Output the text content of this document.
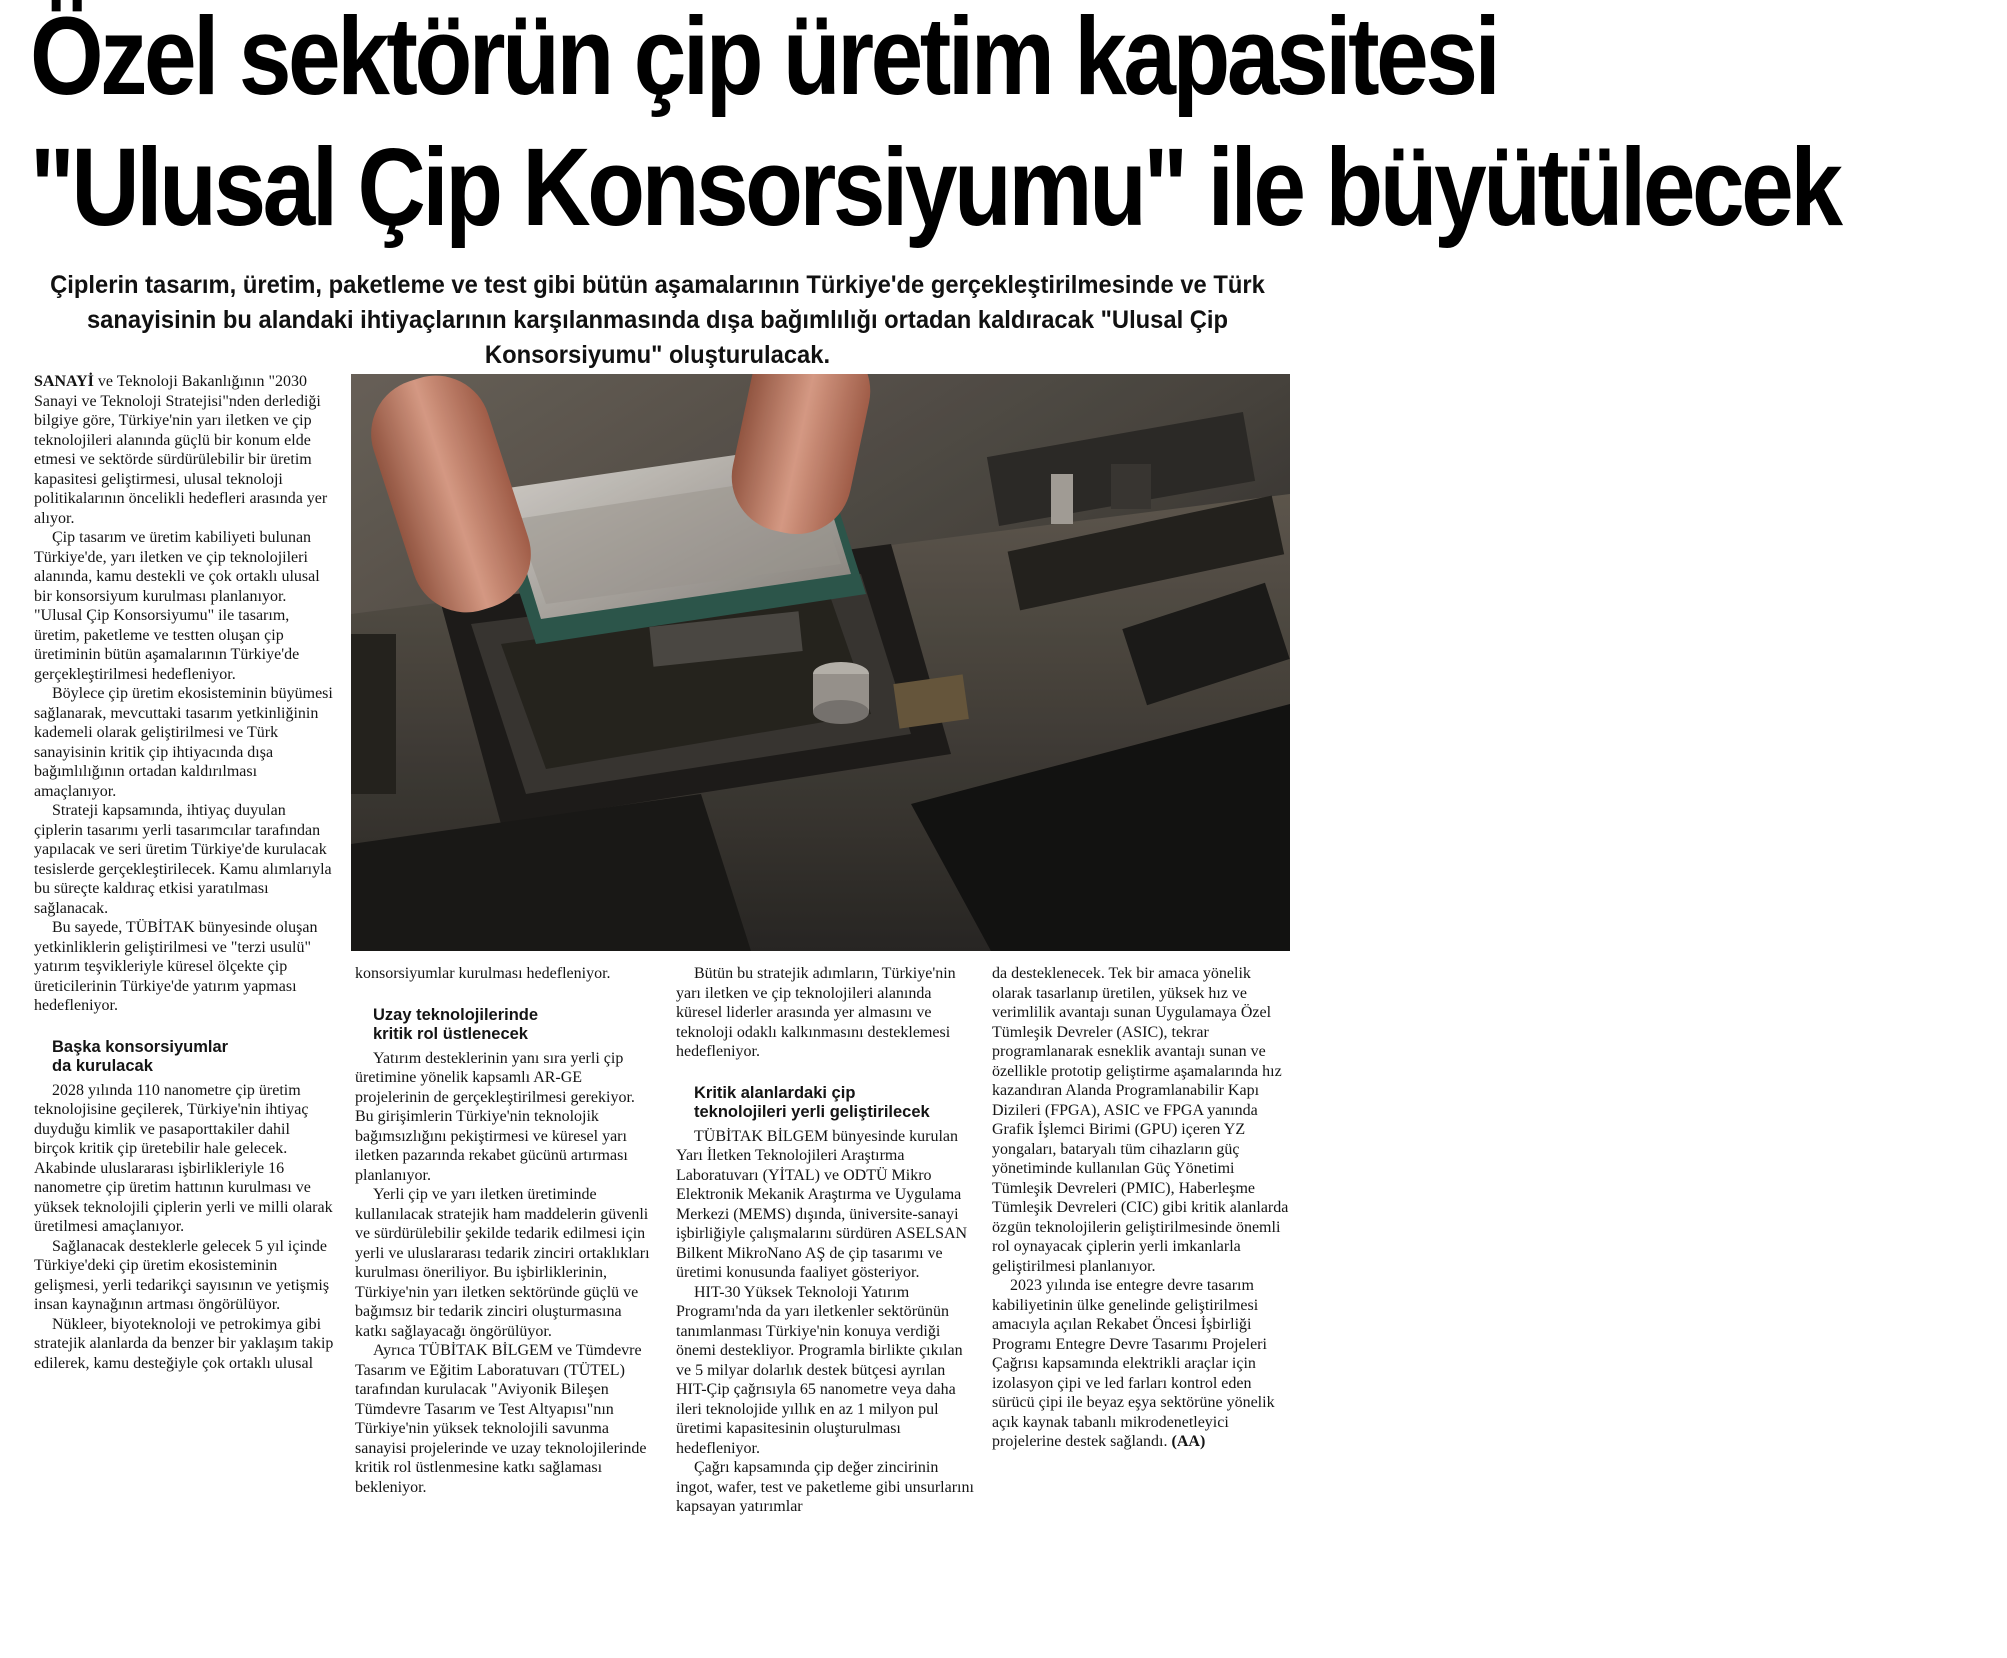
Özel sektörün çip üretim kapasitesi
"Ulusal Çip Konsorsiyumu" ile büyütülecek
Çiplerin tasarım, üretim, paketleme ve test gibi bütün aşamalarının Türkiye'de gerçekleştirilmesinde ve Türk sanayisinin bu alandaki ihtiyaçlarının karşılanmasında dışa bağımlılığı ortadan kaldıracak "Ulusal Çip Konsorsiyumu" oluşturulacak.

SANAYİ ve Teknoloji Bakanlığının "2030 Sanayi ve Teknoloji Stratejisi"nden derlediği bilgiye göre, Türkiye'nin yarı iletken ve çip teknolojileri alanında güçlü bir konum elde etmesi ve sektörde sürdürülebilir bir üretim kapasitesi geliştirmesi, ulusal teknoloji politikalarının öncelikli hedefleri arasında yer alıyor.

Çip tasarım ve üretim kabiliyeti bulunan Türkiye'de, yarı iletken ve çip teknolojileri alanında, kamu destekli ve çok ortaklı ulusal bir konsorsiyum kurulması planlanıyor. "Ulusal Çip Konsorsiyumu" ile tasarım, üretim, paketleme ve testten oluşan çip üretiminin bütün aşamalarının Türkiye'de gerçekleştirilmesi hedefleniyor.

Böylece çip üretim ekosisteminin büyümesi sağlanarak, mevcuttaki tasarım yetkinliğinin kademeli olarak geliştirilmesi ve Türk sanayisinin kritik çip ihtiyacında dışa bağımlılığının ortadan kaldırılması amaçlanıyor.

Strateji kapsamında, ihtiyaç duyulan çiplerin tasarımı yerli tasarımcılar tarafından yapılacak ve seri üretim Türkiye'de kurulacak tesislerde gerçekleştirilecek. Kamu alımlarıyla bu süreçte kaldıraç etkisi yaratılması sağlanacak.

Bu sayede, TÜBİTAK bünyesinde oluşan yetkinliklerin geliştirilmesi ve "terzi usulü" yatırım teşvikleriyle küresel ölçekte çip üreticilerinin Türkiye'de yatırım yapması hedefleniyor.

Başka konsorsiyumlar
da kurulacak

2028 yılında 110 nanometre çip üretim teknolojisine geçilerek, Türkiye'nin ihtiyaç duyduğu kimlik ve pasaporttakiler dahil birçok kritik çip üretebilir hale gelecek. Akabinde uluslararası işbirlikleriyle 16 nanometre çip üretim hattının kurulması ve yüksek teknolojili çiplerin yerli ve milli olarak üretilmesi amaçlanıyor.

Sağlanacak desteklerle gelecek 5 yıl içinde Türkiye'deki çip üretim ekosisteminin gelişmesi, yerli tedarikçi sayısının ve yetişmiş insan kaynağının artması öngörülüyor.

Nükleer, biyoteknoloji ve petrokimya gibi stratejik alanlarda da benzer bir yaklaşım takip edilerek, kamu desteğiyle çok ortaklı ulusal

konsorsiyumlar kurulması hedefleniyor.

Uzay teknolojilerinde
kritik rol üstlenecek

Yatırım desteklerinin yanı sıra yerli çip üretimine yönelik kapsamlı AR-GE projelerinin de gerçekleştirilmesi gerekiyor. Bu girişimlerin Türkiye'nin teknolojik bağımsızlığını pekiştirmesi ve küresel yarı iletken pazarında rekabet gücünü artırması planlanıyor.

Yerli çip ve yarı iletken üretiminde kullanılacak stratejik ham maddelerin güvenli ve sürdürülebilir şekilde tedarik edilmesi için yerli ve uluslararası tedarik zinciri ortaklıkları kurulması öneriliyor. Bu işbirliklerinin, Türkiye'nin yarı iletken sektöründe güçlü ve bağımsız bir tedarik zinciri oluşturmasına katkı sağlayacağı öngörülüyor.

Ayrıca TÜBİTAK BİLGEM ve Tümdevre Tasarım ve Eğitim Laboratuvarı (TÜTEL) tarafından kurulacak "Aviyonik Bileşen Tümdevre Tasarım ve Test Altyapısı"nın Türkiye'nin yüksek teknolojili savunma sanayisi projelerinde ve uzay teknolojilerinde kritik rol üstlenmesine katkı sağlaması bekleniyor.

Bütün bu stratejik adımların, Türkiye'nin yarı iletken ve çip teknolojileri alanında küresel liderler arasında yer almasını ve teknoloji odaklı kalkınmasını desteklemesi hedefleniyor.

Kritik alanlardaki çip
teknolojileri yerli geliştirilecek

TÜBİTAK BİLGEM bünyesinde kurulan Yarı İletken Teknolojileri Araştırma Laboratuvarı (YİTAL) ve ODTÜ Mikro Elektronik Mekanik Araştırma ve Uygulama Merkezi (MEMS) dışında, üniversite-sanayi işbirliğiyle çalışmalarını sürdüren ASELSAN Bilkent MikroNano AŞ de çip tasarımı ve üretimi konusunda faaliyet gösteriyor.

HIT-30 Yüksek Teknoloji Yatırım Programı'nda da yarı iletkenler sektörünün tanımlanması Türkiye'nin konuya verdiği önemi destekliyor. Programla birlikte çıkılan ve 5 milyar dolarlık destek bütçesi ayrılan HIT-Çip çağrısıyla 65 nanometre veya daha ileri teknolojide yıllık en az 1 milyon pul üretimi kapasitesinin oluşturulması hedefleniyor.

Çağrı kapsamında çip değer zincirinin ingot, wafer, test ve paketleme gibi unsurlarını kapsayan yatırımlar

da desteklenecek. Tek bir amaca yönelik olarak tasarlanıp üretilen, yüksek hız ve verimlilik avantajı sunan Uygulamaya Özel Tümleşik Devreler (ASIC), tekrar programlanarak esneklik avantajı sunan ve özellikle prototip geliştirme aşamalarında hız kazandıran Alanda Programlanabilir Kapı Dizileri (FPGA), ASIC ve FPGA yanında Grafik İşlemci Birimi (GPU) içeren YZ yongaları, bataryalı tüm cihazların güç yönetiminde kullanılan Güç Yönetimi Tümleşik Devreleri (PMIC), Haberleşme Tümleşik Devreleri (CIC) gibi kritik alanlarda özgün teknolojilerin geliştirilmesinde önemli rol oynayacak çiplerin yerli imkanlarla geliştirilmesi planlanıyor.

2023 yılında ise entegre devre tasarım kabiliyetinin ülke genelinde geliştirilmesi amacıyla açılan Rekabet Öncesi İşbirliği Programı Entegre Devre Tasarımı Projeleri Çağrısı kapsamında elektrikli araçlar için izolasyon çipi ve led farları kontrol eden sürücü çipi ile beyaz eşya sektörüne yönelik açık kaynak tabanlı mikrodenetleyici projelerine destek sağlandı. (AA)
